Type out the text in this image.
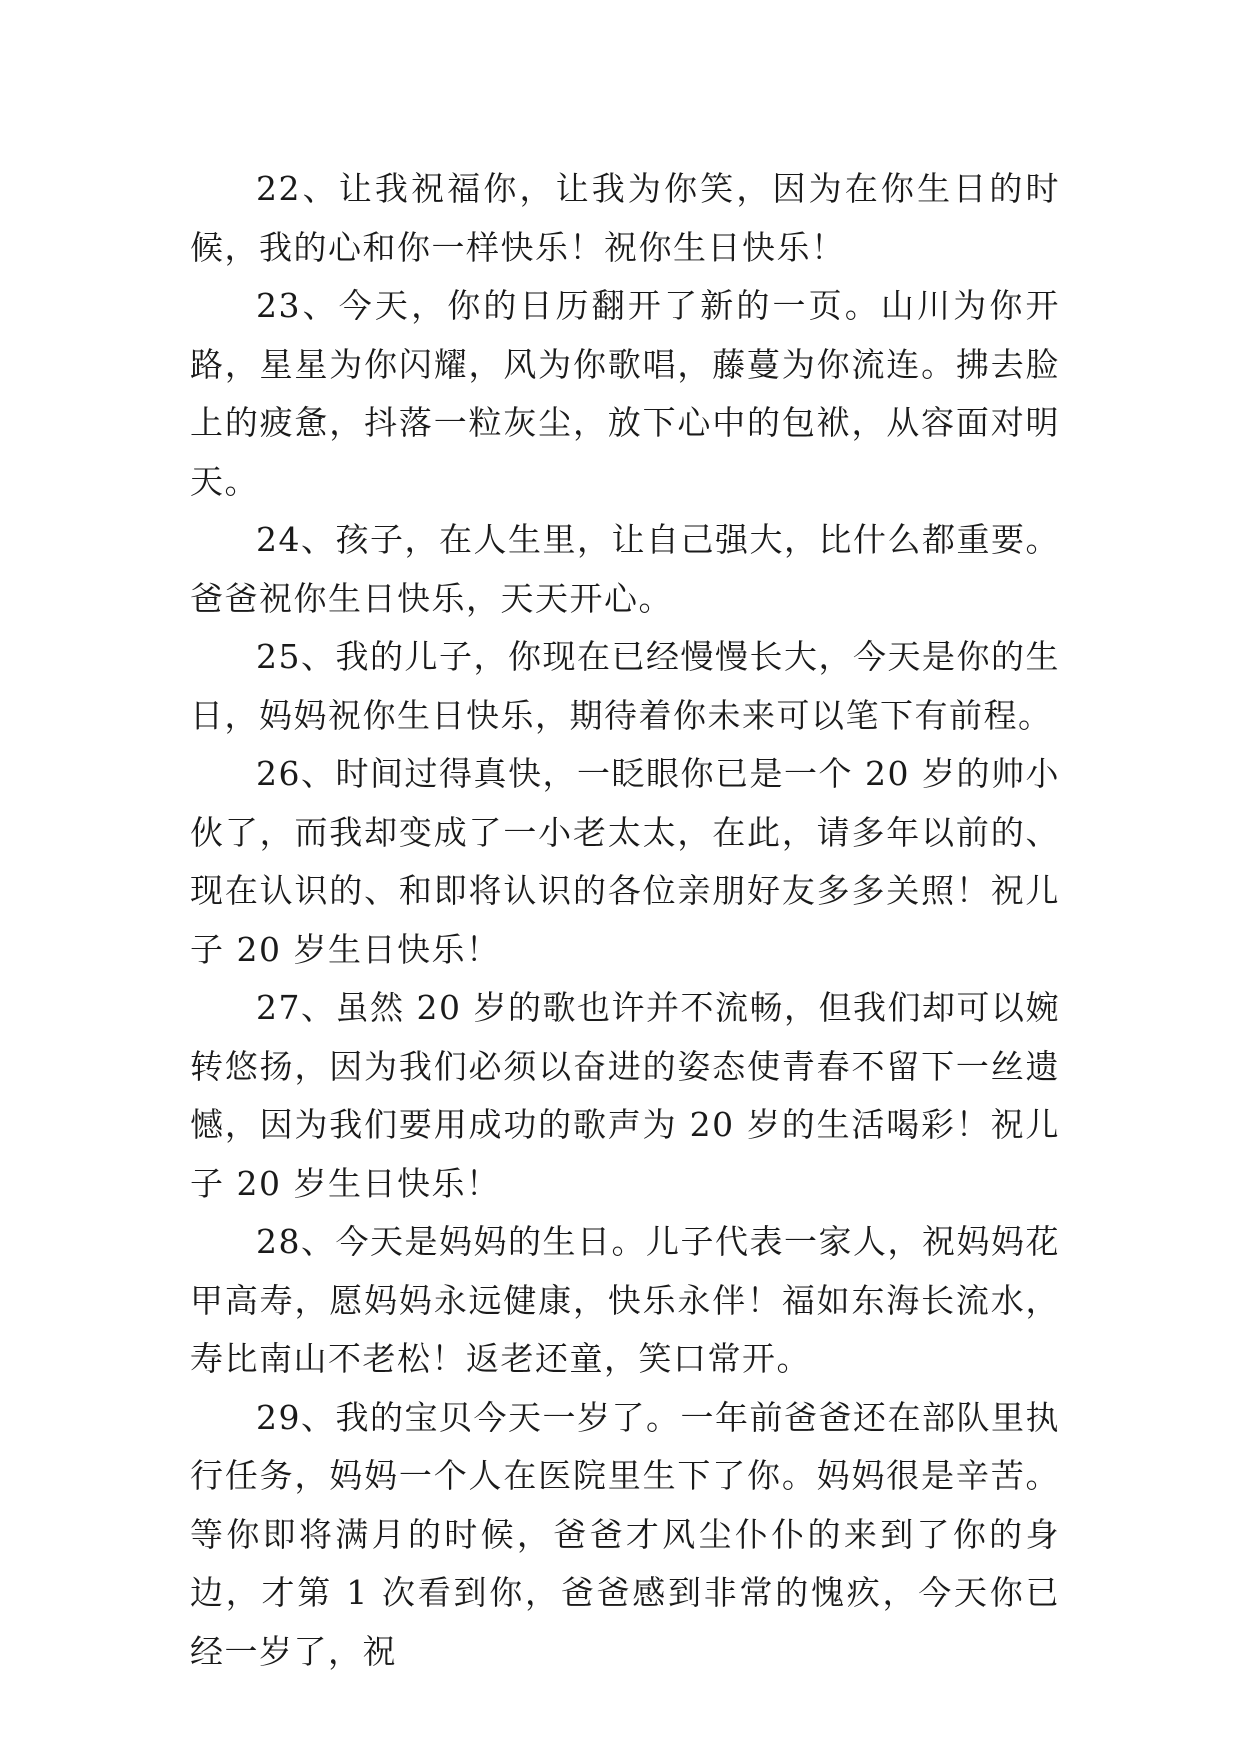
22、让我祝福你，让我为你笑，因为在你生日的时候，我的心和你一样快乐！祝你生日快乐！

23、今天，你的日历翻开了新的一页。山川为你开路，星星为你闪耀，风为你歌唱，藤蔓为你流连。拂去脸上的疲惫，抖落一粒灰尘，放下心中的包袱，从容面对明天。

24、孩子，在人生里，让自己强大，比什么都重要。爸爸祝你生日快乐，天天开心。

25、我的儿子，你现在已经慢慢长大，今天是你的生日，妈妈祝你生日快乐，期待着你未来可以笔下有前程。

26、时间过得真快，一眨眼你已是一个 20 岁的帅小伙了，而我却变成了一小老太太，在此，请多年以前的、现在认识的、和即将认识的各位亲朋好友多多关照！祝儿子 20 岁生日快乐！

27、虽然 20 岁的歌也许并不流畅，但我们却可以婉转悠扬，因为我们必须以奋进的姿态使青春不留下一丝遗憾，因为我们要用成功的歌声为 20 岁的生活喝彩！祝儿子 20 岁生日快乐！

28、今天是妈妈的生日。儿子代表一家人，祝妈妈花甲高寿，愿妈妈永远健康，快乐永伴！福如东海长流水，寿比南山不老松！返老还童，笑口常开。

29、我的宝贝今天一岁了。一年前爸爸还在部队里执行任务，妈妈一个人在医院里生下了你。妈妈很是辛苦。等你即将满月的时候，爸爸才风尘仆仆的来到了你的身边，才第 1 次看到你，爸爸感到非常的愧疚，今天你已经一岁了，祝
